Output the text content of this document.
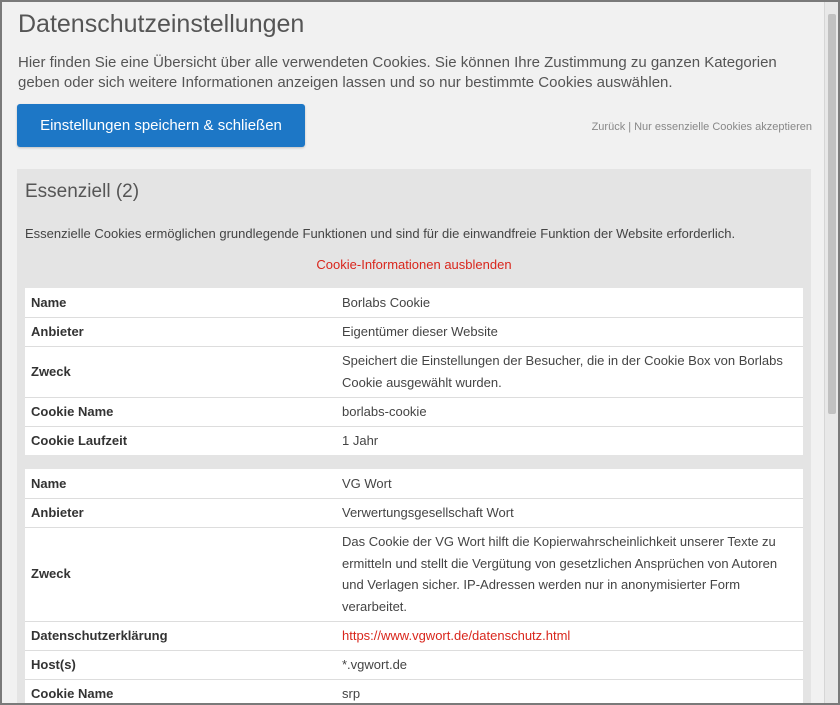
Datenschutzeinstellungen

Hier finden Sie eine Übersicht über alle verwendeten Cookies. Sie können Ihre Zustimmung zu ganzen Kategorien geben oder sich weitere Informationen anzeigen lassen und so nur bestimmte Cookies auswählen.

Einstellungen speichern & schließen	Zurück | Nur essenzielle Cookies akzeptieren
Essenziell (2)
Essenzielle Cookies ermöglichen grundlegende Funktionen und sind für die einwandfreie Funktion der Website erforderlich.
Cookie-Informationen ausblenden
Name	Borlabs Cookie
Anbieter	Eigentümer dieser Website
Zweck	Speichert die Einstellungen der Besucher, die in der Cookie Box von Borlabs Cookie ausgewählt wurden.
Cookie Name	borlabs-cookie
Cookie Laufzeit	1 Jahr
Name	VG Wort
Anbieter	Verwertungsgesellschaft Wort
Zweck	Das Cookie der VG Wort hilft die Kopierwahrscheinlichkeit unserer Texte zu ermitteln und stellt die Vergütung von gesetzlichen Ansprüchen von Autoren und Verlagen sicher. IP-Adressen werden nur in anonymisierter Form verarbeitet.
Datenschutzerklärung	https://www.vgwort.de/datenschutz.html
Host(s)	*.vgwort.de
Cookie Name	srp
